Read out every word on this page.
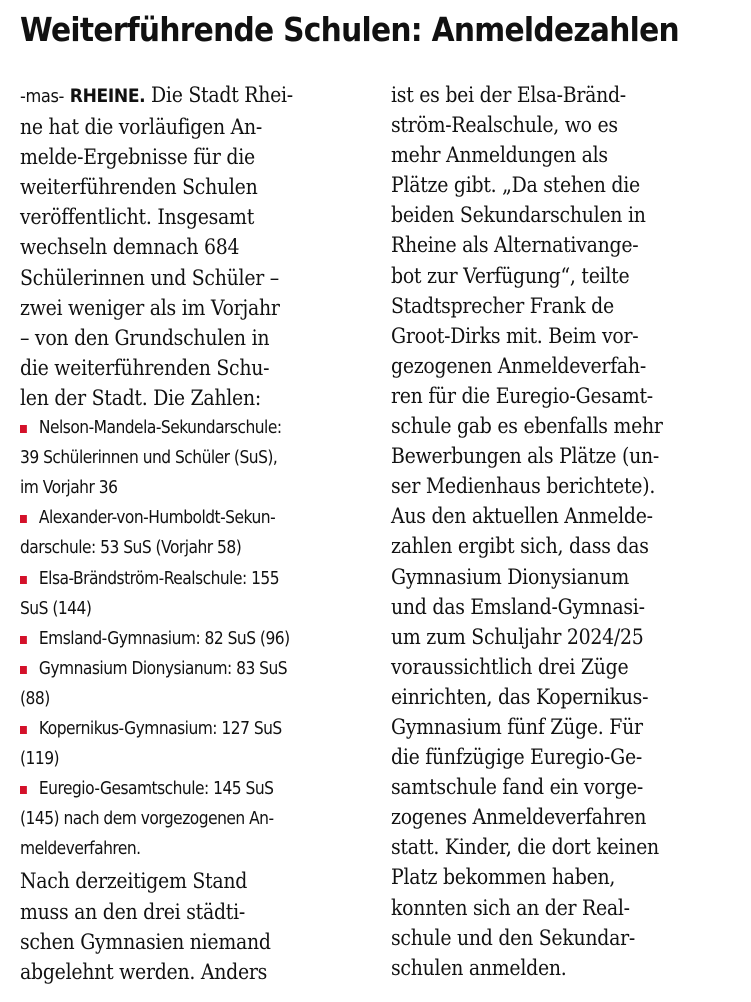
Weiterführende Schulen: Anmeldezahlen

-mas- RHEINE. Die Stadt Rhei-
ne hat die vorläufigen An-
melde-Ergebnisse für die
weiterführenden Schulen
veröffentlicht. Insgesamt
wechseln demnach 684
Schülerinnen und Schüler –
zwei weniger als im Vorjahr
– von den Grundschulen in
die weiterführenden Schu-
len der Stadt. Die Zahlen:

Nelson-Mandela-Sekundarschule:
39 Schülerinnen und Schüler (SuS),
im Vorjahr 36
Alexander-von-Humboldt-Sekun-
darschule: 53 SuS (Vorjahr 58)
Elsa-Brändström-Realschule: 155
SuS (144)
Emsland-Gymnasium: 82 SuS (96)
Gymnasium Dionysianum: 83 SuS
(88)
Kopernikus-Gymnasium: 127 SuS
(119)
Euregio-Gesamtschule: 145 SuS
(145) nach dem vorgezogenen An-
meldeverfahren.

Nach derzeitigem Stand
muss an den drei städti-
schen Gymnasien niemand
abgelehnt werden. Anders

ist es bei der Elsa-Bränd-
ström-Realschule, wo es
mehr Anmeldungen als
Plätze gibt. „Da stehen die
beiden Sekundarschulen in
Rheine als Alternativange-
bot zur Verfügung“, teilte
Stadtsprecher Frank de
Groot-Dirks mit. Beim vor-
gezogenen Anmeldeverfah-
ren für die Euregio-Gesamt-
schule gab es ebenfalls mehr
Bewerbungen als Plätze (un-
ser Medienhaus berichtete).
Aus den aktuellen Anmelde-
zahlen ergibt sich, dass das
Gymnasium Dionysianum
und das Emsland-Gymnasi-
um zum Schuljahr 2024/25
voraussichtlich drei Züge
einrichten, das Kopernikus-
Gymnasium fünf Züge. Für
die fünfzügige Euregio-Ge-
samtschule fand ein vorge-
zogenes Anmeldeverfahren
statt. Kinder, die dort keinen
Platz bekommen haben,
konnten sich an der Real-
schule und den Sekundar-
schulen anmelden.
